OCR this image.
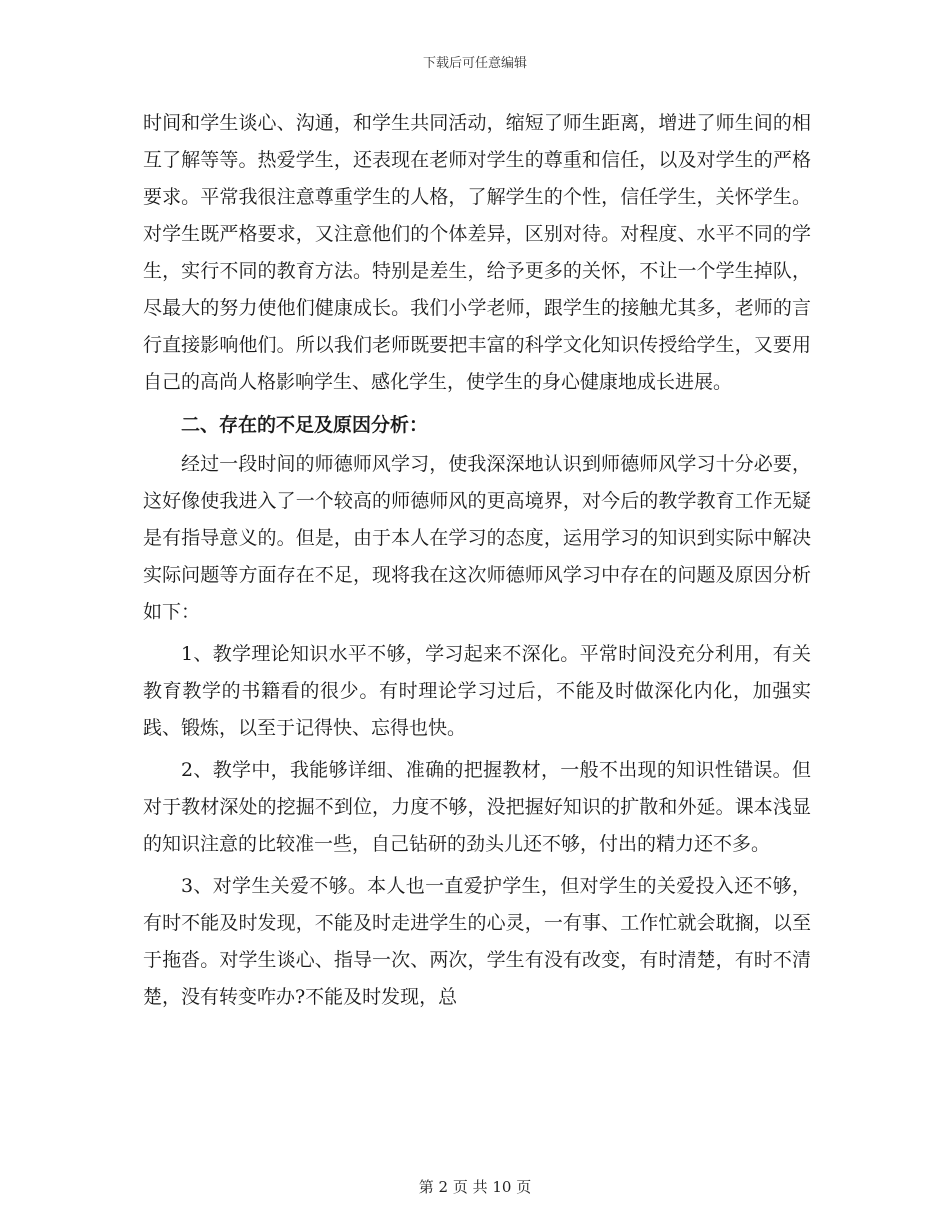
下载后可任意编辑

时间和学生谈心、沟通，和学生共同活动，缩短了师生距离，增进了师生间的相互了解等等。热爱学生，还表现在老师对学生的尊重和信任，以及对学生的严格要求。平常我很注意尊重学生的人格，了解学生的个性，信任学生，关怀学生。对学生既严格要求，又注意他们的个体差异，区别对待。对程度、水平不同的学生，实行不同的教育方法。特别是差生，给予更多的关怀，不让一个学生掉队，尽最大的努力使他们健康成长。我们小学老师，跟学生的接触尤其多，老师的言行直接影响他们。所以我们老师既要把丰富的科学文化知识传授给学生，又要用自己的高尚人格影响学生、感化学生，使学生的身心健康地成长进展。

二、存在的不足及原因分析：

经过一段时间的师德师风学习，使我深深地认识到师德师风学习十分必要，这好像使我进入了一个较高的师德师风的更高境界，对今后的教学教育工作无疑是有指导意义的。但是，由于本人在学习的态度，运用学习的知识到实际中解决实际问题等方面存在不足，现将我在这次师德师风学习中存在的问题及原因分析如下：

1、教学理论知识水平不够，学习起来不深化。平常时间没充分利用，有关教育教学的书籍看的很少。有时理论学习过后，不能及时做深化内化，加强实践、锻炼，以至于记得快、忘得也快。

2、教学中，我能够详细、准确的把握教材，一般不出现的知识性错误。但对于教材深处的挖掘不到位，力度不够，没把握好知识的扩散和外延。课本浅显的知识注意的比较准一些，自己钻研的劲头儿还不够，付出的精力还不多。

3、对学生关爱不够。本人也一直爱护学生，但对学生的关爱投入还不够，有时不能及时发现，不能及时走进学生的心灵，一有事、工作忙就会耽搁，以至于拖沓。对学生谈心、指导一次、两次，学生有没有改变，有时清楚，有时不清楚，没有转变咋办?不能及时发现，总

第 2 页 共 10 页
